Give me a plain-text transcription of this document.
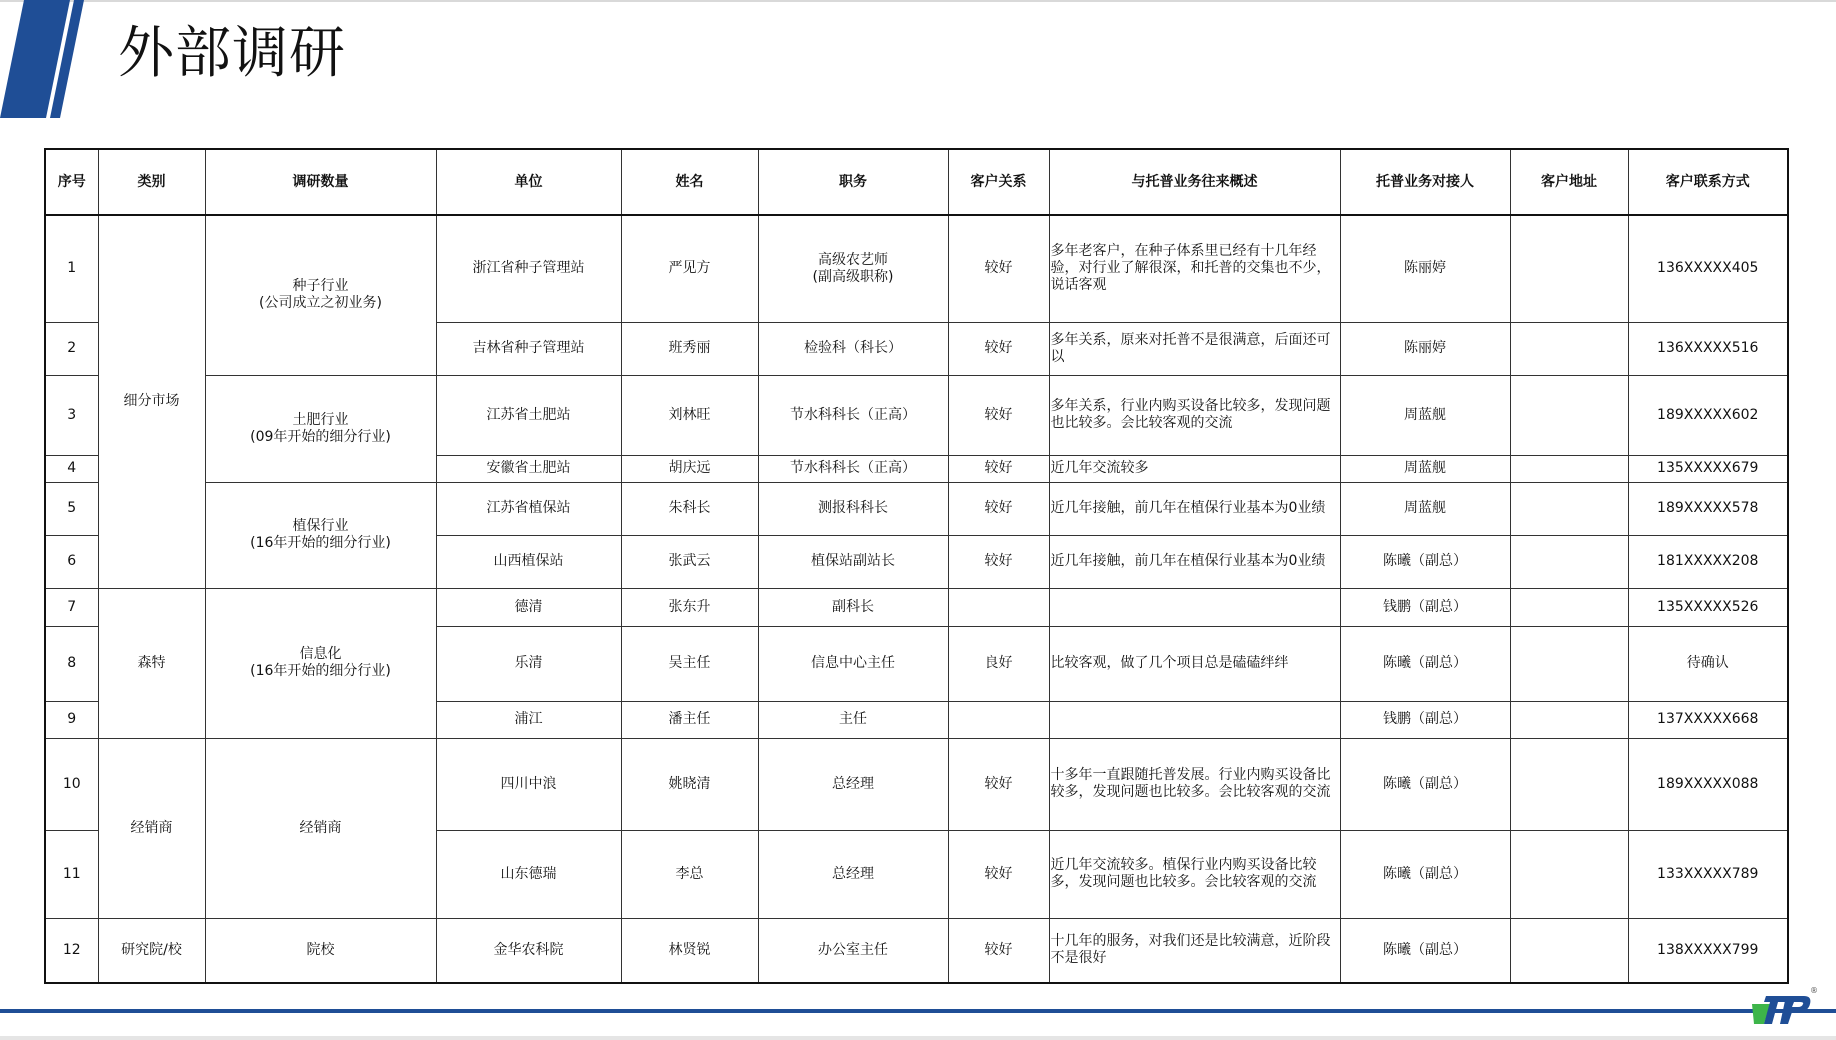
外部调研
序号	类别	调研数量	单位	姓名	职务	客户关系	与托普业务往来概述	托普业务对接人	客户地址	客户联系方式
1	细分市场	种子行业
(公司成立之初业务)	浙江省种子管理站	严见方	高级农艺师
(副高级职称)	较好	多年老客户，在种子体系里已经有十几年经验，对行业了解很深，和托普的交集也不少，说话客观	陈丽婷		136XXXXX405
2			吉林省种子管理站	班秀丽	检验科（科长）	较好	多年关系，原来对托普不是很满意，后面还可以	陈丽婷		136XXXXX516
3		土肥行业
(09年开始的细分行业)	江苏省土肥站	刘林旺	节水科科长（正高）	较好	多年关系，行业内购买设备比较多，发现问题也比较多。会比较客观的交流	周蓝舰		189XXXXX602
4			安徽省土肥站	胡庆远	节水科科长（正高）	较好	近几年交流较多	周蓝舰		135XXXXX679
5		植保行业
(16年开始的细分行业)	江苏省植保站	朱科长	测报科科长	较好	近几年接触，前几年在植保行业基本为0业绩	周蓝舰		189XXXXX578
6			山西植保站	张武云	植保站副站长	较好	近几年接触，前几年在植保行业基本为0业绩	陈曦（副总）		181XXXXX208
7	森特	信息化
(16年开始的细分行业)	德清	张东升	副科长			钱鹏（副总）		135XXXXX526
8			乐清	吴主任	信息中心主任	良好	比较客观，做了几个项目总是磕磕绊绊	陈曦（副总）		待确认
9			浦江	潘主任	主任			钱鹏（副总）		137XXXXX668
10	经销商	经销商	四川中浪	姚晓清	总经理	较好	十多年一直跟随托普发展。行业内购买设备比较多，发现问题也比较多。会比较客观的交流	陈曦（副总）		189XXXXX088
11			山东德瑞	李总	总经理	较好	近几年交流较多。植保行业内购买设备比较多，发现问题也比较多。会比较客观的交流	陈曦（副总）		133XXXXX789
12	研究院/校	院校	金华农科院	林贤锐	办公室主任	较好	十几年的服务，对我们还是比较满意，近阶段不是很好	陈曦（副总）		138XXXXX799
®
